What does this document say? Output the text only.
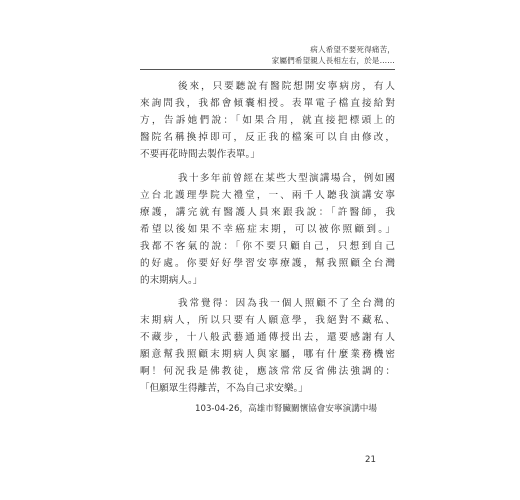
病人希望不要死得痛苦，
家屬們希望親人長相左右，於是……
後來，只要聽說有醫院想開安寧病房，有人
來詢問我，我都會傾囊相授。表單電子檔直接給對
方，告訴她們說：「如果合用，就直接把標頭上的
醫院名稱換掉即可，反正我的檔案可以自由修改，
不要再花時間去製作表單。」
我十多年前曾經在某些大型演講場合，例如國
立台北護理學院大禮堂，一、兩千人聽我演講安寧
療護，講完就有醫護人員來跟我說：「許醫師，我
希望以後如果不幸癌症末期，可以被你照顧到。」
我都不客氣的說：「你不要只顧自己，只想到自己
的好處。你要好好學習安寧療護，幫我照顧全台灣
的末期病人。」
我常覺得：因為我一個人照顧不了全台灣的
末期病人，所以只要有人願意學，我絕對不藏私、
不藏步，十八般武藝通通傳授出去，還要感謝有人
願意幫我照顧末期病人與家屬，哪有什麼業務機密
啊！何況我是佛教徒，應該常常反省佛法強調的：
「但願眾生得離苦，不為自己求安樂。」
103-04-26，高雄市腎臟關懷協會安寧演講中場
21
